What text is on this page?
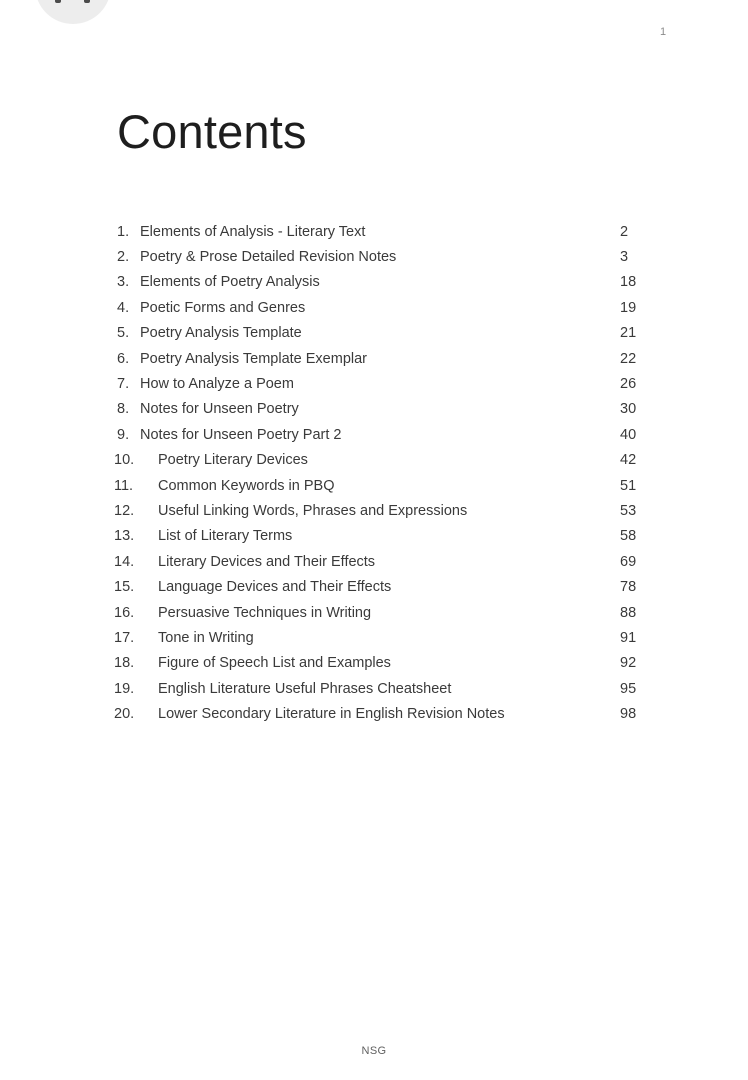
1
Contents
1. Elements of Analysis - Literary Text	2
2. Poetry & Prose Detailed Revision Notes	3
3. Elements of Poetry Analysis	18
4. Poetic Forms and Genres	19
5. Poetry Analysis Template	21
6. Poetry Analysis Template Exemplar	22
7. How to Analyze a Poem	26
8. Notes for Unseen Poetry	30
9. Notes for Unseen Poetry Part 2	40
10.	Poetry Literary Devices	42
11.	Common Keywords in PBQ	51
12.	Useful Linking Words, Phrases and Expressions	53
13.	List of Literary Terms	58
14.	Literary Devices and Their Effects	69
15.	Language Devices and Their Effects	78
16.	Persuasive Techniques in Writing	88
17.	Tone in Writing	91
18.	Figure of Speech List and Examples	92
19.	English Literature Useful Phrases Cheatsheet	95
20.	Lower Secondary Literature in English Revision Notes	98
NSG
